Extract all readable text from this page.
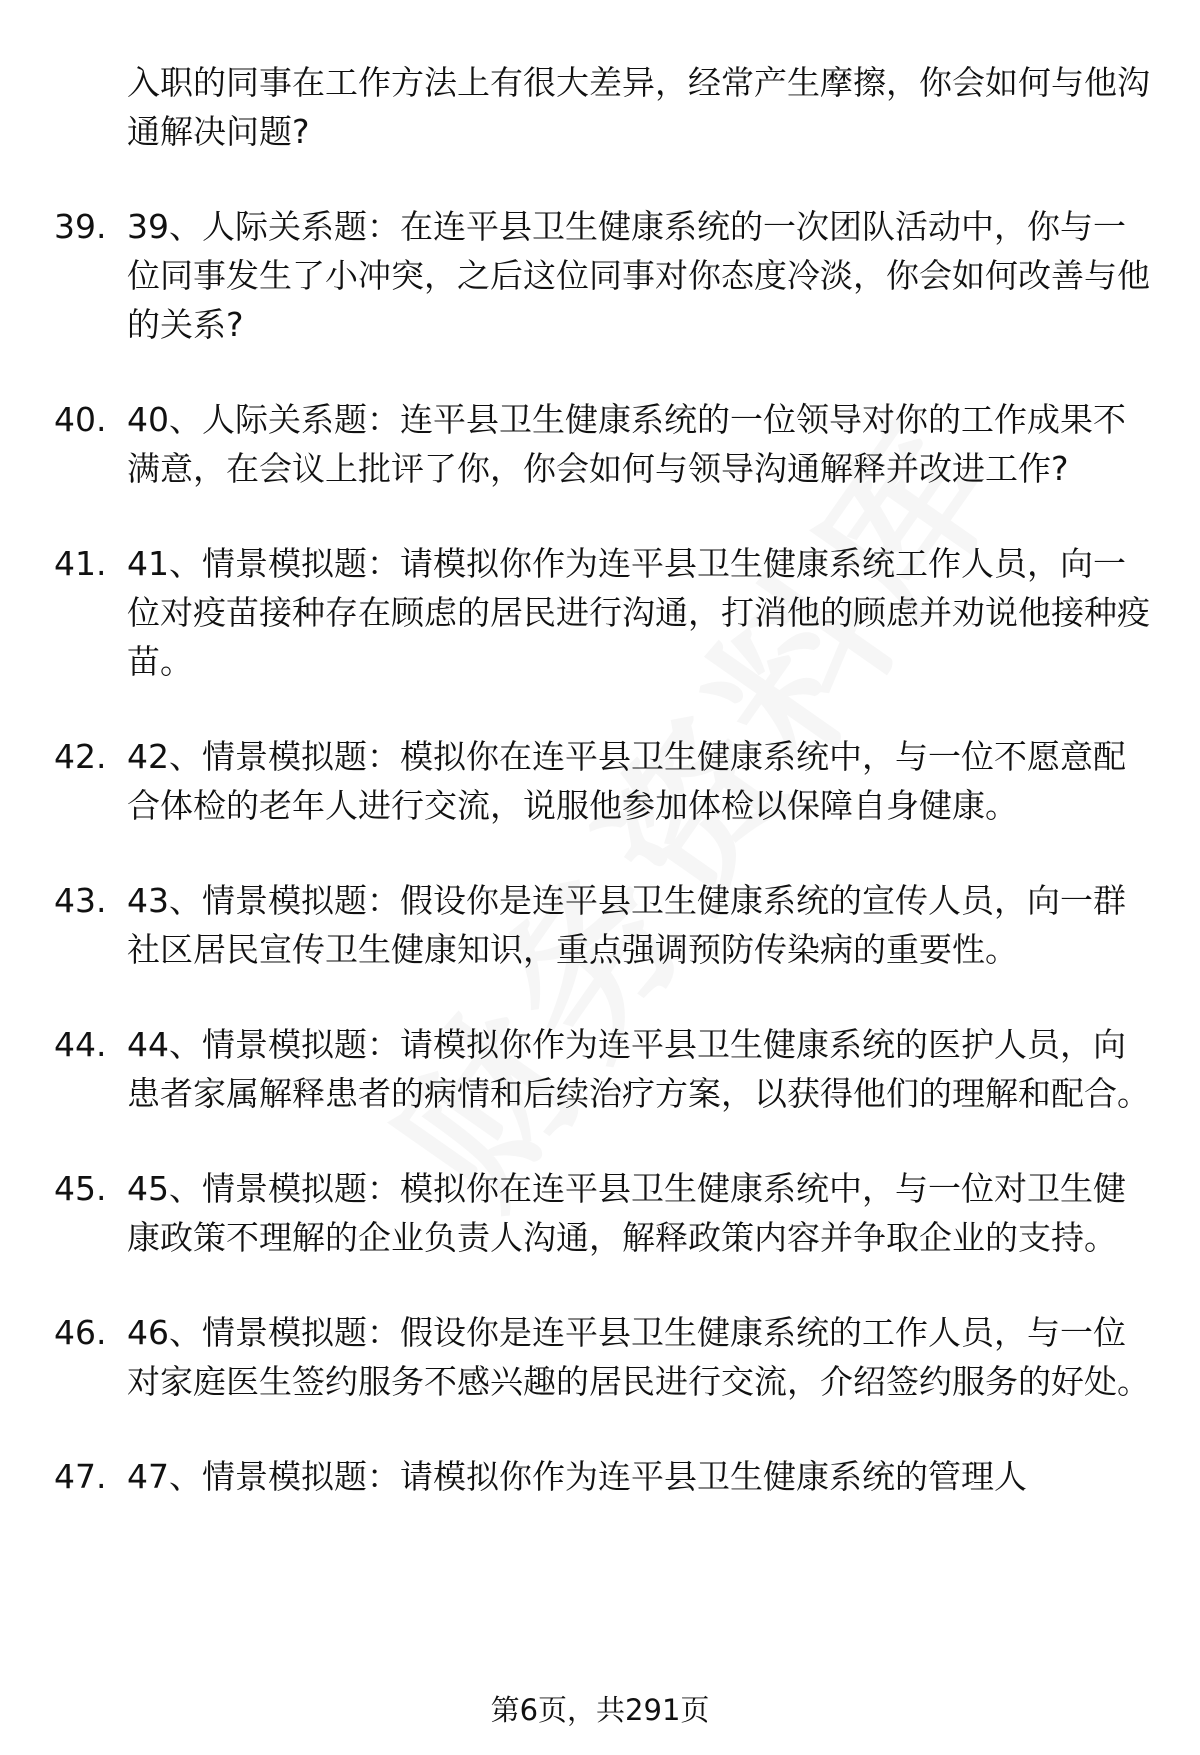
入职的同事在工作方法上有很大差异，经常产生摩擦，你会如何与他沟通解决问题?
39. 39、人际关系题：在连平县卫生健康系统的一次团队活动中，你与一位同事发生了小冲突，之后这位同事对你态度冷淡，你会如何改善与他的关系?
40. 40、人际关系题：连平县卫生健康系统的一位领导对你的工作成果不满意，在会议上批评了你，你会如何与领导沟通解释并改进工作?
41. 41、情景模拟题：请模拟你作为连平县卫生健康系统工作人员，向一位对疫苗接种存在顾虑的居民进行沟通，打消他的顾虑并劝说他接种疫苗。
42. 42、情景模拟题：模拟你在连平县卫生健康系统中，与一位不愿意配合体检的老年人进行交流，说服他参加体检以保障自身健康。
43. 43、情景模拟题：假设你是连平县卫生健康系统的宣传人员，向一群社区居民宣传卫生健康知识，重点强调预防传染病的重要性。
44. 44、情景模拟题：请模拟你作为连平县卫生健康系统的医护人员，向患者家属解释患者的病情和后续治疗方案，以获得他们的理解和配合。
45. 45、情景模拟题：模拟你在连平县卫生健康系统中，与一位对卫生健康政策不理解的企业负责人沟通，解释政策内容并争取企业的支持。
46. 46、情景模拟题：假设你是连平县卫生健康系统的工作人员，与一位对家庭医生签约服务不感兴趣的居民进行交流，介绍签约服务的好处。
47. 47、情景模拟题：请模拟你作为连平县卫生健康系统的管理人
第6页，共291页
